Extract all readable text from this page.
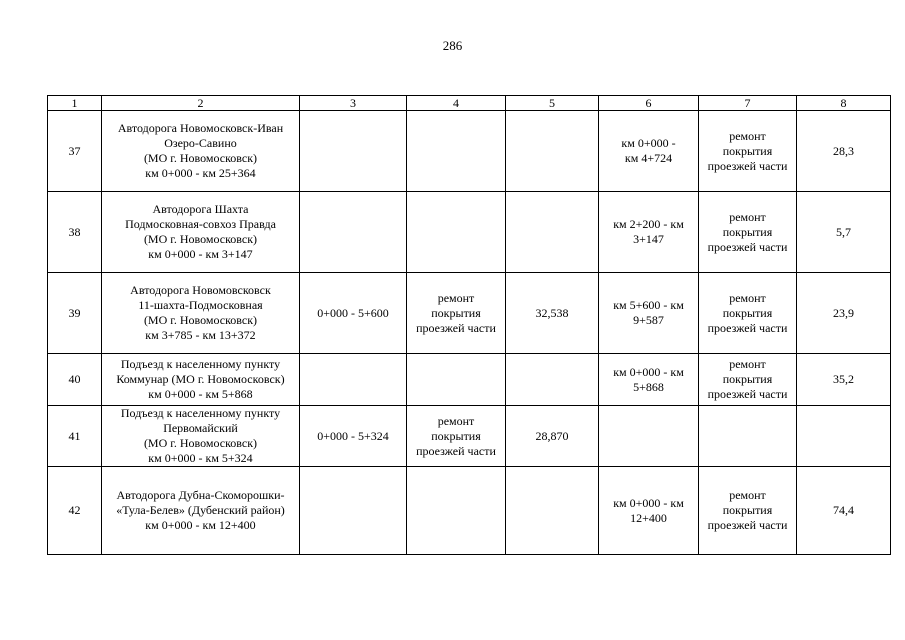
286
1	2	3	4	5	6	7	8
37	Автодорога Новомосковск-Иван
Озеро-Савино
(МО г. Новомосковск)
км 0+000 - км 25+364				км 0+000 -
км 4+724	ремонт
покрытия
проезжей части	28,3
38	Автодорога Шахта
Подмосковная-совхоз Правда
(МО г. Новомосковск)
км 0+000 - км 3+147				км 2+200 - км
3+147	ремонт
покрытия
проезжей части	5,7
39	Автодорога Новомовсковск
11-шахта-Подмосковная
(МО г. Новомосковск)
км 3+785 - км 13+372	0+000 - 5+600	ремонт
покрытия
проезжей части	32,538	км 5+600 - км
9+587	ремонт
покрытия
проезжей части	23,9
40	Подъезд к населенному пункту
Коммунар (МО г. Новомосковск)
км 0+000 - км 5+868				км 0+000 - км
5+868	ремонт
покрытия
проезжей части	35,2
41	Подъезд к населенному пункту
Первомайский
(МО г. Новомосковск)
км 0+000 - км 5+324	0+000 - 5+324	ремонт
покрытия
проезжей части	28,870			
42	Автодорога Дубна-Скоморошки-
«Тула-Белев» (Дубенский район)
км 0+000 - км 12+400				км 0+000 - км
12+400	ремонт
покрытия
проезжей части	74,4
